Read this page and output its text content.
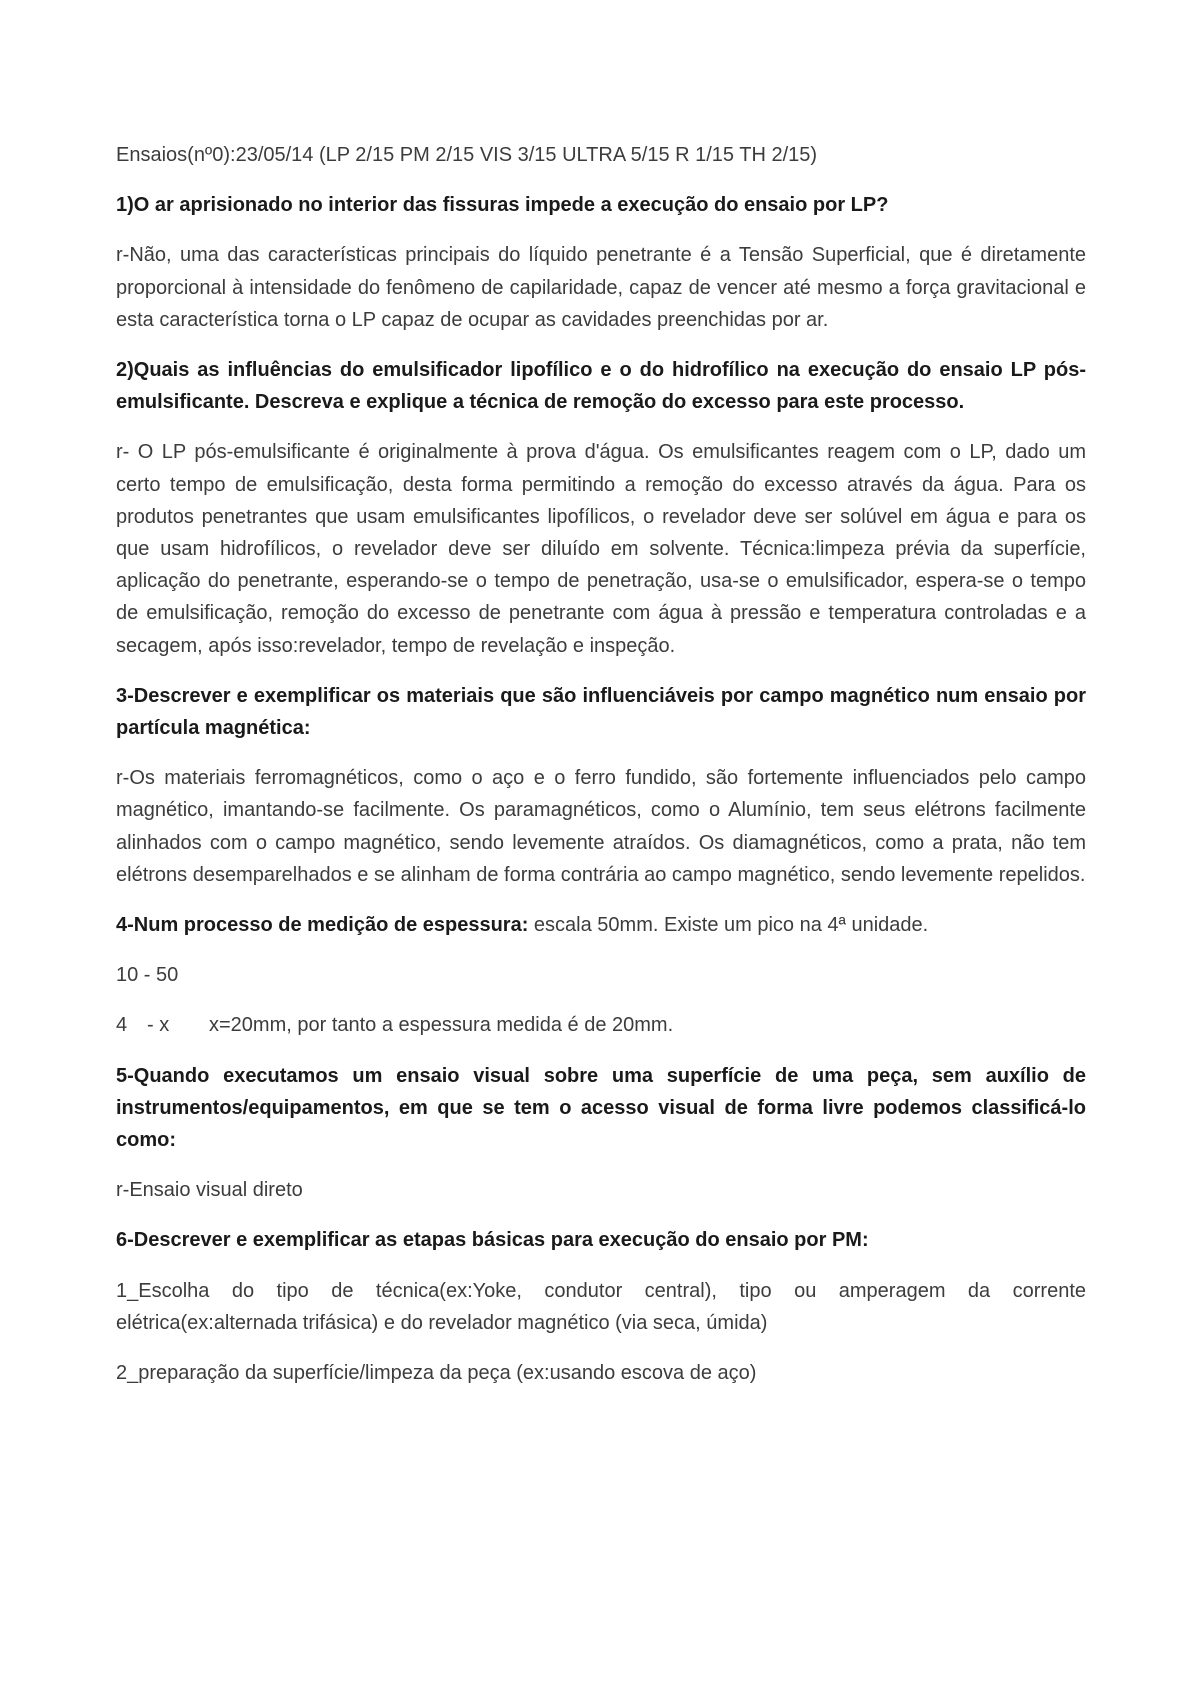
Ensaios(nº0):23/05/14 (LP 2/15 PM 2/15 VIS 3/15 ULTRA 5/15 R 1/15 TH 2/15)

1)O ar aprisionado no interior das fissuras impede a execução do ensaio por LP?

r-Não, uma das características principais do líquido penetrante é a Tensão Superficial, que é diretamente proporcional à intensidade do fenômeno de capilaridade, capaz de vencer até mesmo a força gravitacional e esta característica torna o LP capaz de ocupar as cavidades preenchidas por ar.

2)Quais as influências do emulsificador lipofílico e o do hidrofílico na execução do ensaio LP pós-emulsificante. Descreva e explique a técnica de remoção do excesso para este processo.

r- O LP pós-emulsificante é originalmente à prova d'água. Os emulsificantes reagem com o LP, dado um certo tempo de emulsificação, desta forma permitindo a remoção do excesso através da água. Para os produtos penetrantes que usam emulsificantes lipofílicos, o revelador deve ser solúvel em água e para os que usam hidrofílicos, o revelador deve ser diluído em solvente. Técnica:limpeza prévia da superfície, aplicação do penetrante, esperando-se o tempo de penetração, usa-se o emulsificador, espera-se o tempo de emulsificação, remoção do excesso de penetrante com água à pressão e temperatura controladas e a secagem, após isso:revelador, tempo de revelação e inspeção.

3-Descrever e exemplificar os materiais que são influenciáveis por campo magnético num ensaio por partícula magnética:

r-Os materiais ferromagnéticos, como o aço e o ferro fundido, são fortemente influenciados pelo campo magnético, imantando-se facilmente. Os paramagnéticos, como o Alumínio, tem seus elétrons facilmente alinhados com o campo magnético, sendo levemente atraídos. Os diamagnéticos, como a prata, não tem elétrons desemparelhados e se alinham de forma contrária ao campo magnético, sendo levemente repelidos.

4-Num processo de medição de espessura: escala 50mm. Existe um pico na 4ª unidade.

10 - 50

4 - x x=20mm, por tanto a espessura medida é de 20mm.

5-Quando executamos um ensaio visual sobre uma superfície de uma peça, sem auxílio de instrumentos/equipamentos, em que se tem o acesso visual de forma livre podemos classificá-lo como:

r-Ensaio visual direto

6-Descrever e exemplificar as etapas básicas para execução do ensaio por PM:

1_Escolha do tipo de técnica(ex:Yoke, condutor central), tipo ou amperagem da corrente elétrica(ex:alternada trifásica) e do revelador magnético (via seca, úmida)

2_preparação da superfície/limpeza da peça (ex:usando escova de aço)
